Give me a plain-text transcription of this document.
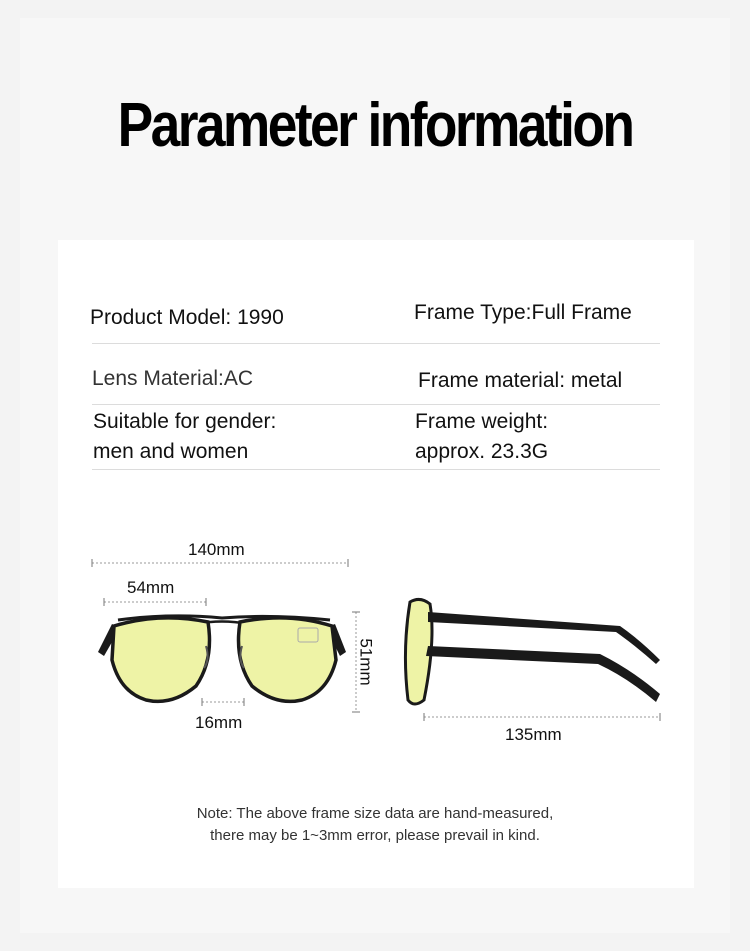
Parameter information
Product Model: 1990	Frame Type:Full Frame
Lens Material:AC	Frame material: metal
Suitable for gender:
men and women
Frame weight:
approx. 23.3G
140mm
54mm
51mm
16mm
135mm
Note: The above frame size data are hand-measured,
there may be 1~3mm error, please prevail in kind.
